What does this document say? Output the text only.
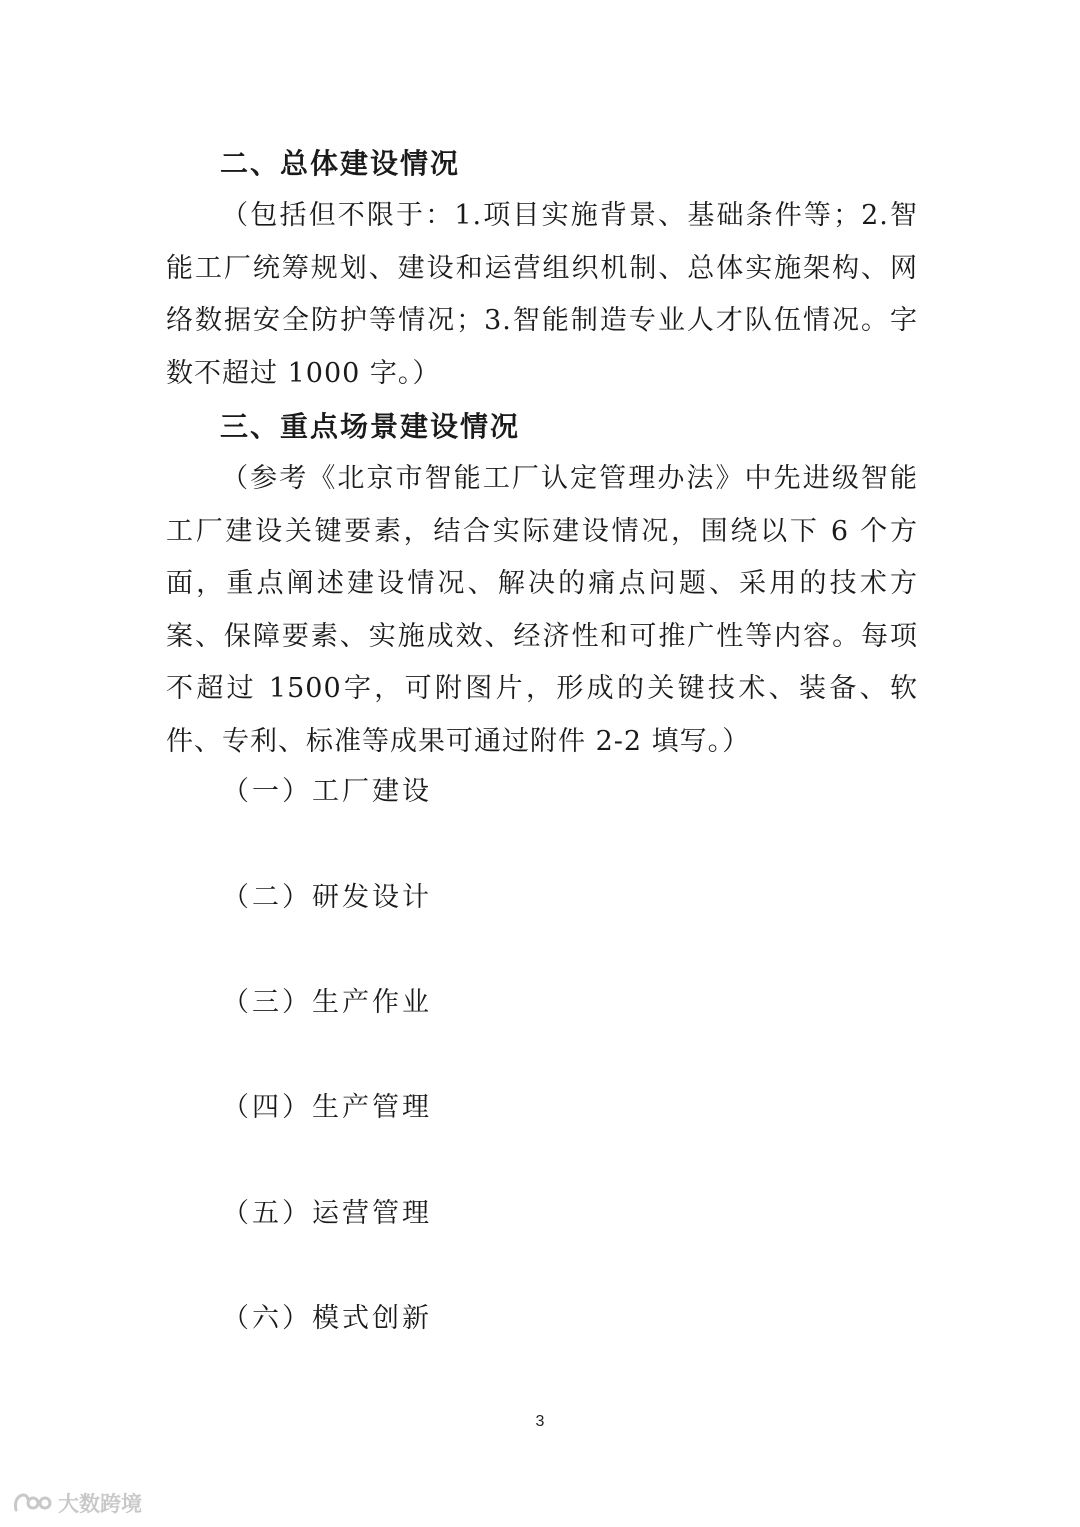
二、总体建设情况
（包括但不限于：1.项目实施背景、基础条件等；2.智能工厂统筹规划、建设和运营组织机制、总体实施架构、网络数据安全防护等情况；3.智能制造专业人才队伍情况。字数不超过 1000 字。）
三、重点场景建设情况
（参考《北京市智能工厂认定管理办法》中先进级智能工厂建设关键要素，结合实际建设情况，围绕以下 6 个方面，重点阐述建设情况、解决的痛点问题、采用的技术方案、保障要素、实施成效、经济性和可推广性等内容。每项不超过 1500字，可附图片，形成的关键技术、装备、软件、专利、标准等成果可通过附件 2-2 填写。）
（一）工厂建设
（二）研发设计
（三）生产作业
（四）生产管理
（五）运营管理
（六）模式创新
3
大数跨境
